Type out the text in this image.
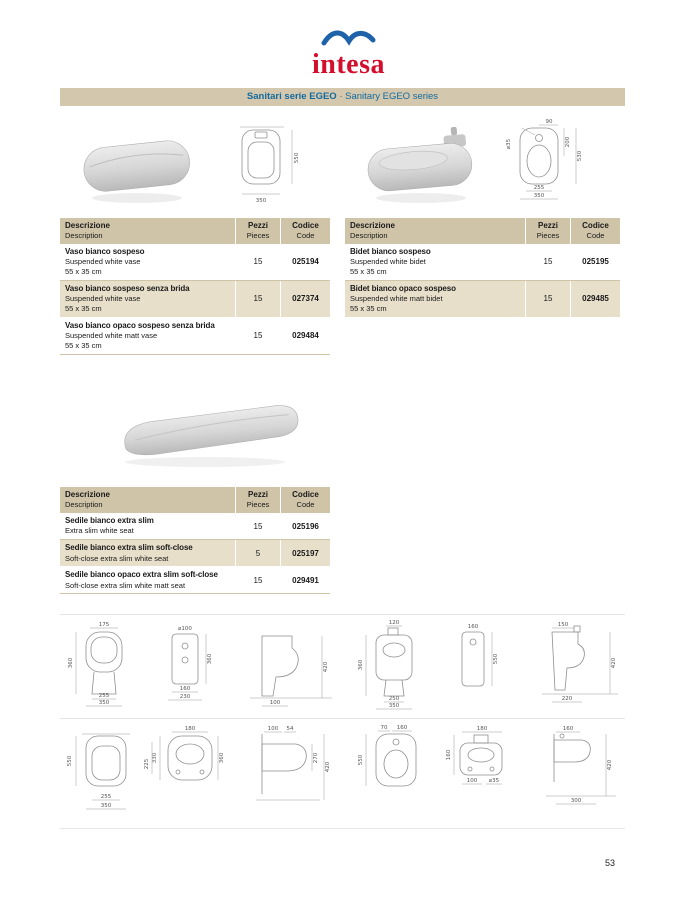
intesa
Sanitari serie EGEO · Sanitary EGEO series
550
350
⌀35
90
200
530
255
350
Descrizione
Description
Pezzi
Pieces
Codice
Code
Vaso bianco sospeso
Suspended white vase
55 x 35 cm
15	025194
Vaso bianco sospeso senza brida
Suspended white vase
55 x 35 cm
15	027374
Vaso bianco opaco sospeso senza brida
Suspended white matt vase
55 x 35 cm
15	029484
Descrizione
Description
Pezzi
Pieces
Codice
Code
Bidet bianco sospeso
Suspended white bidet
55 x 35 cm
15	025195
Bidet bianco opaco sospeso
Suspended white matt bidet
55 x 35 cm
15	029485
Descrizione
Description
Pezzi
Pieces
Codice
Code
Sedile bianco extra slim
Extra slim white seat
15	025196
Sedile bianco extra slim soft-close
Soft-close extra slim white seat
5	025197
Sedile bianco opaco extra slim soft-close
Soft-close extra slim white matt seat
15	029491
175
360
255
350
⌀100
360
160
230
420
100
120
360
250
350
160
550
150
420
220
550
255
350
180
330
225
360
100 54
270
420
70 160
550
180
160
100 ⌀35
160
420
300
53
